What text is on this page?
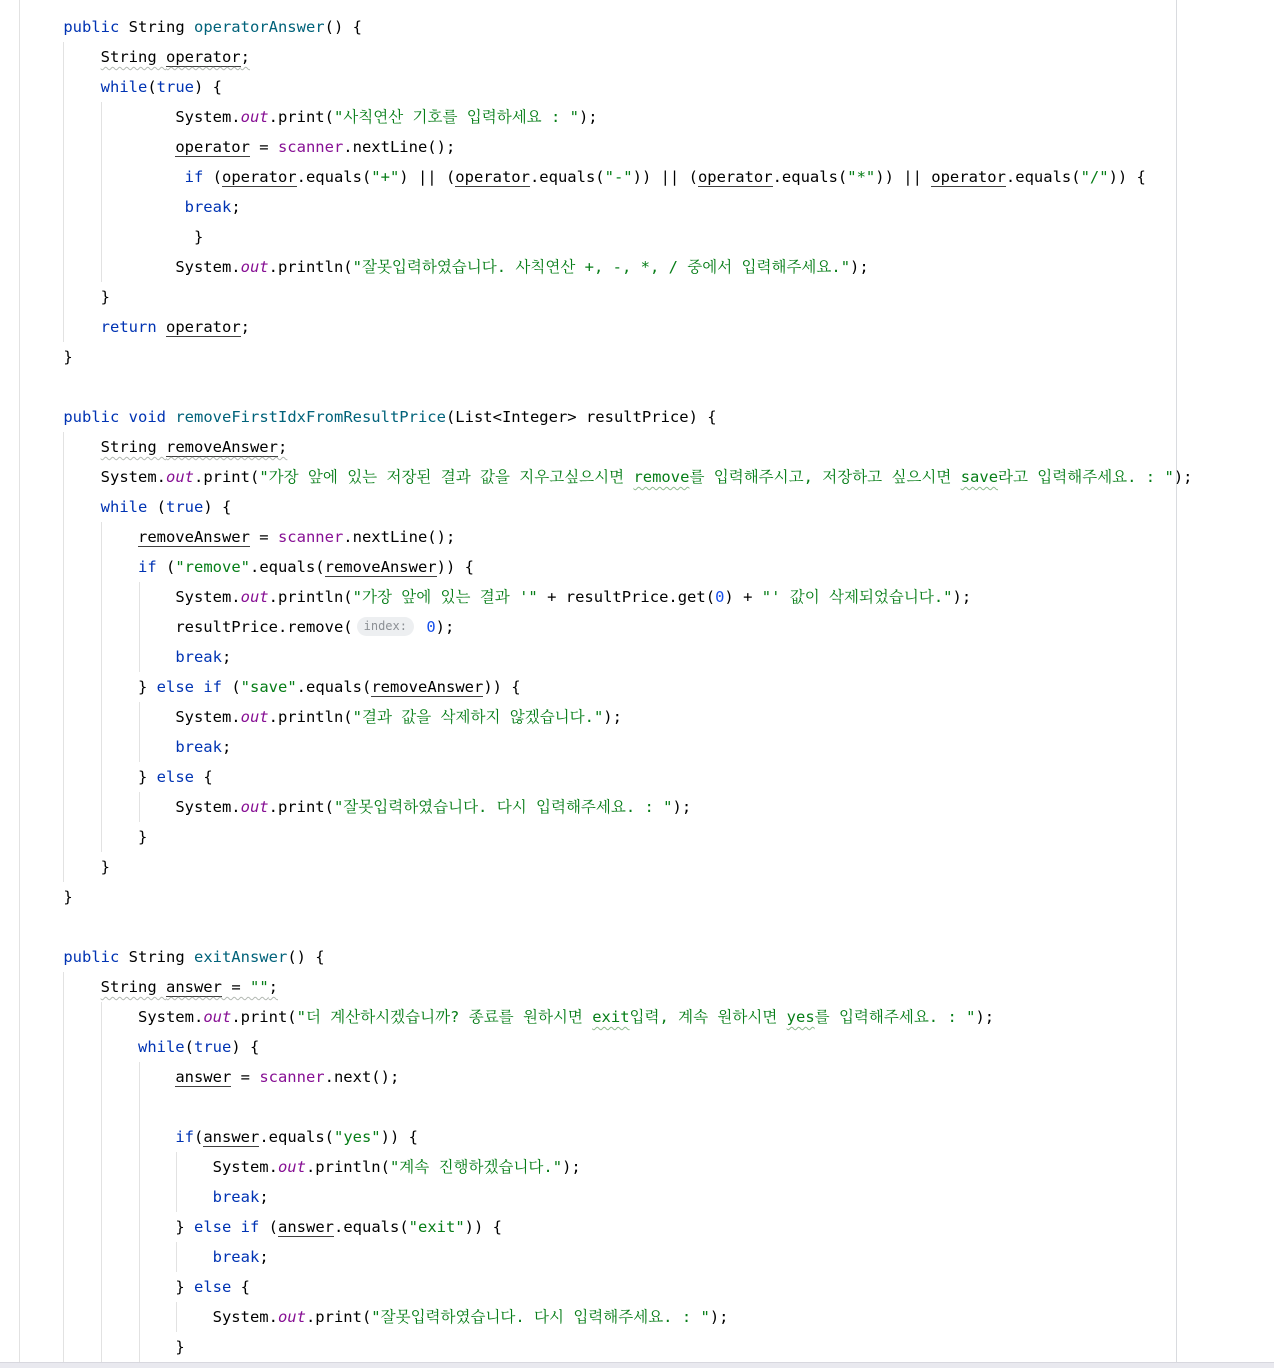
public String operatorAnswer() {
String operator;
while(true) {
System.out.print("사칙연산 기호를 입력하세요 : ");
operator = scanner.nextLine();
if (operator.equals("+") || (operator.equals("-")) || (operator.equals("*")) || operator.equals("/")) {
break;
}
System.out.println("잘못입력하였습니다. 사칙연산 +, -, *, / 중에서 입력해주세요.");
}
return operator;
}
public void removeFirstIdxFromResultPrice(List<Integer> resultPrice) {
String removeAnswer;
System.out.print("가장 앞에 있는 저장된 결과 값을 지우고싶으시면 remove를 입력해주시고, 저장하고 싶으시면 save라고 입력해주세요. : ");
while (true) {
removeAnswer = scanner.nextLine();
if ("remove".equals(removeAnswer)) {
System.out.println("가장 앞에 있는 결과 '" + resultPrice.get(0) + "' 값이 삭제되었습니다.");
resultPrice.remove( index: 0);
break;
} else if ("save".equals(removeAnswer)) {
System.out.println("결과 값을 삭제하지 않겠습니다.");
break;
} else {
System.out.print("잘못입력하였습니다. 다시 입력해주세요. : ");
}
}
}
public String exitAnswer() {
String answer = "";
System.out.print("더 계산하시겠습니까? 종료를 원하시면 exit입력, 계속 원하시면 yes를 입력해주세요. : ");
while(true) {
answer = scanner.next();
if(answer.equals("yes")) {
System.out.println("계속 진행하겠습니다.");
break;
} else if (answer.equals("exit")) {
break;
} else {
System.out.print("잘못입력하였습니다. 다시 입력해주세요. : ");
}
